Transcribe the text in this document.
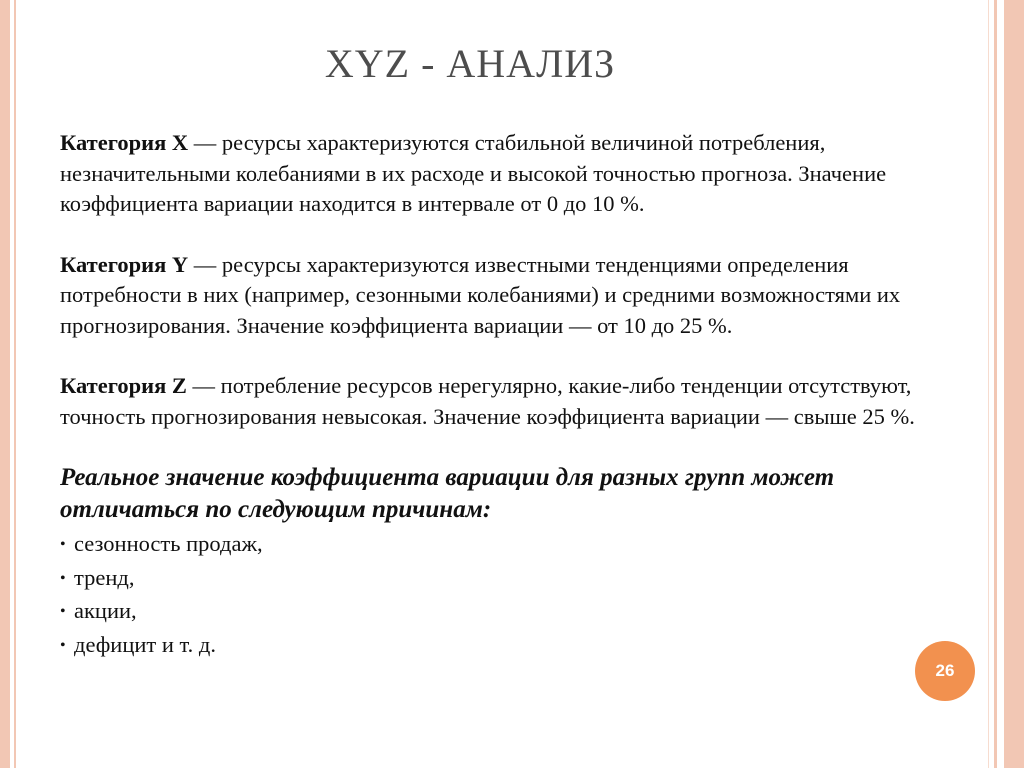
XYZ - АНАЛИЗ

Категория X — ресурсы характеризуются стабильной величиной потребления, незначительными колебаниями в их расходе и высокой точностью прогноза. Значение коэффициента вариации находится в интервале от 0 до 10 %.

Категория Y — ресурсы характеризуются известными тенденциями определения потребности в них (например, сезонными колебаниями) и средними возможностями их прогнозирования. Значение коэффициента вариации — от 10 до 25 %.

Категория Z — потребление ресурсов нерегулярно, какие-либо тенденции отсутствуют, точность прогнозирования невысокая. Значение коэффициента вариации — свыше 25 %.

Реальное значение коэффициента вариации для разных групп может отличаться по следующим причинам:
• сезонность продаж,
• тренд,
• акции,
• дефицит и т. д.
26
